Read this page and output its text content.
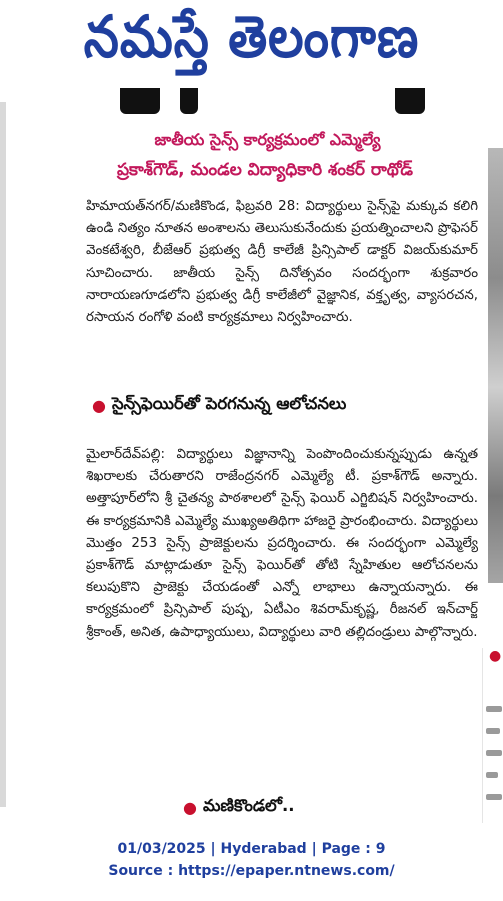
నమస్తే తెలంగాణ
●
జాతీయ సైన్స్ కార్యక్రమంలో ఎమ్మెల్యే
ప్రకాశ్‌గౌడ్, మండల విద్యాధికారి శంకర్ రాథోడ్

హిమాయత్‌నగర్/మణికొండ, ఫిబ్రవరి 28: విద్యార్థులు సైన్స్‌పై మక్కువ కలిగి ఉండి నిత్యం నూతన అంశాలను తెలుసుకునేందుకు ప్రయత్నించాలని ప్రొఫెసర్ వెంకటేశ్వరి, బీజేఆర్ ప్రభుత్వ డిగ్రీ కాలేజీ ప్రిన్సిపాల్ డాక్టర్ విజయ్‌కుమార్ సూచించారు. జాతీయ సైన్స్ దినోత్సవం సందర్భంగా శుక్రవారం నారాయణగూడలోని ప్రభుత్వ డిగ్రీ కాలేజీలో వైజ్ఞానిక, వక్తృత్వ, వ్యాసరచన, రసాయన రంగోళి వంటి కార్యక్రమాలు నిర్వహించారు.

● సైన్స్‌ఫెయిర్‌తో పెరగనున్న ఆలోచనలు

మైలార్‌దేవ్‌పల్లి: విద్యార్థులు విజ్ఞానాన్ని పెంపొందించుకున్నప్పుడు ఉన్నత శిఖరాలకు చేరుతారని రాజేంద్రనగర్ ఎమ్మెల్యే టీ. ప్రకాశ్‌గౌడ్ అన్నారు. అత్తాపూర్‌లోని శ్రీ చైతన్య పాఠశాలలో సైన్స్ ఫెయిర్ ఎగ్జిబిషన్ నిర్వహించారు. ఈ కార్యక్రమానికి ఎమ్మెల్యే ముఖ్యఅతిథిగా హాజరై ప్రారంభించారు. విద్యార్థులు మొత్తం 253 సైన్స్ ప్రాజెక్టులను ప్రదర్శించారు. ఈ సందర్భంగా ఎమ్మెల్యే ప్రకాశ్‌గౌడ్ మాట్లాడుతూ సైన్స్ ఫెయిర్‌తో తోటి స్నేహితుల ఆలోచనలను కలుపుకొని ప్రాజెక్టు చేయడంతో ఎన్నో లాభాలు ఉన్నాయన్నారు. ఈ కార్యక్రమంలో ప్రిన్సిపాల్ పుష్ప, ఏటీఎం శివరామ్‌కృష్ణ, రీజనల్ ఇన్‌చార్జ్ శ్రీకాంత్, అనిత, ఉపాధ్యాయులు, విద్యార్థులు వారి తల్లిదండ్రులు పాల్గొన్నారు.

● మణికొండలో..
01/03/2025 | Hyderabad | Page : 9
Source : https://epaper.ntnews.com/
